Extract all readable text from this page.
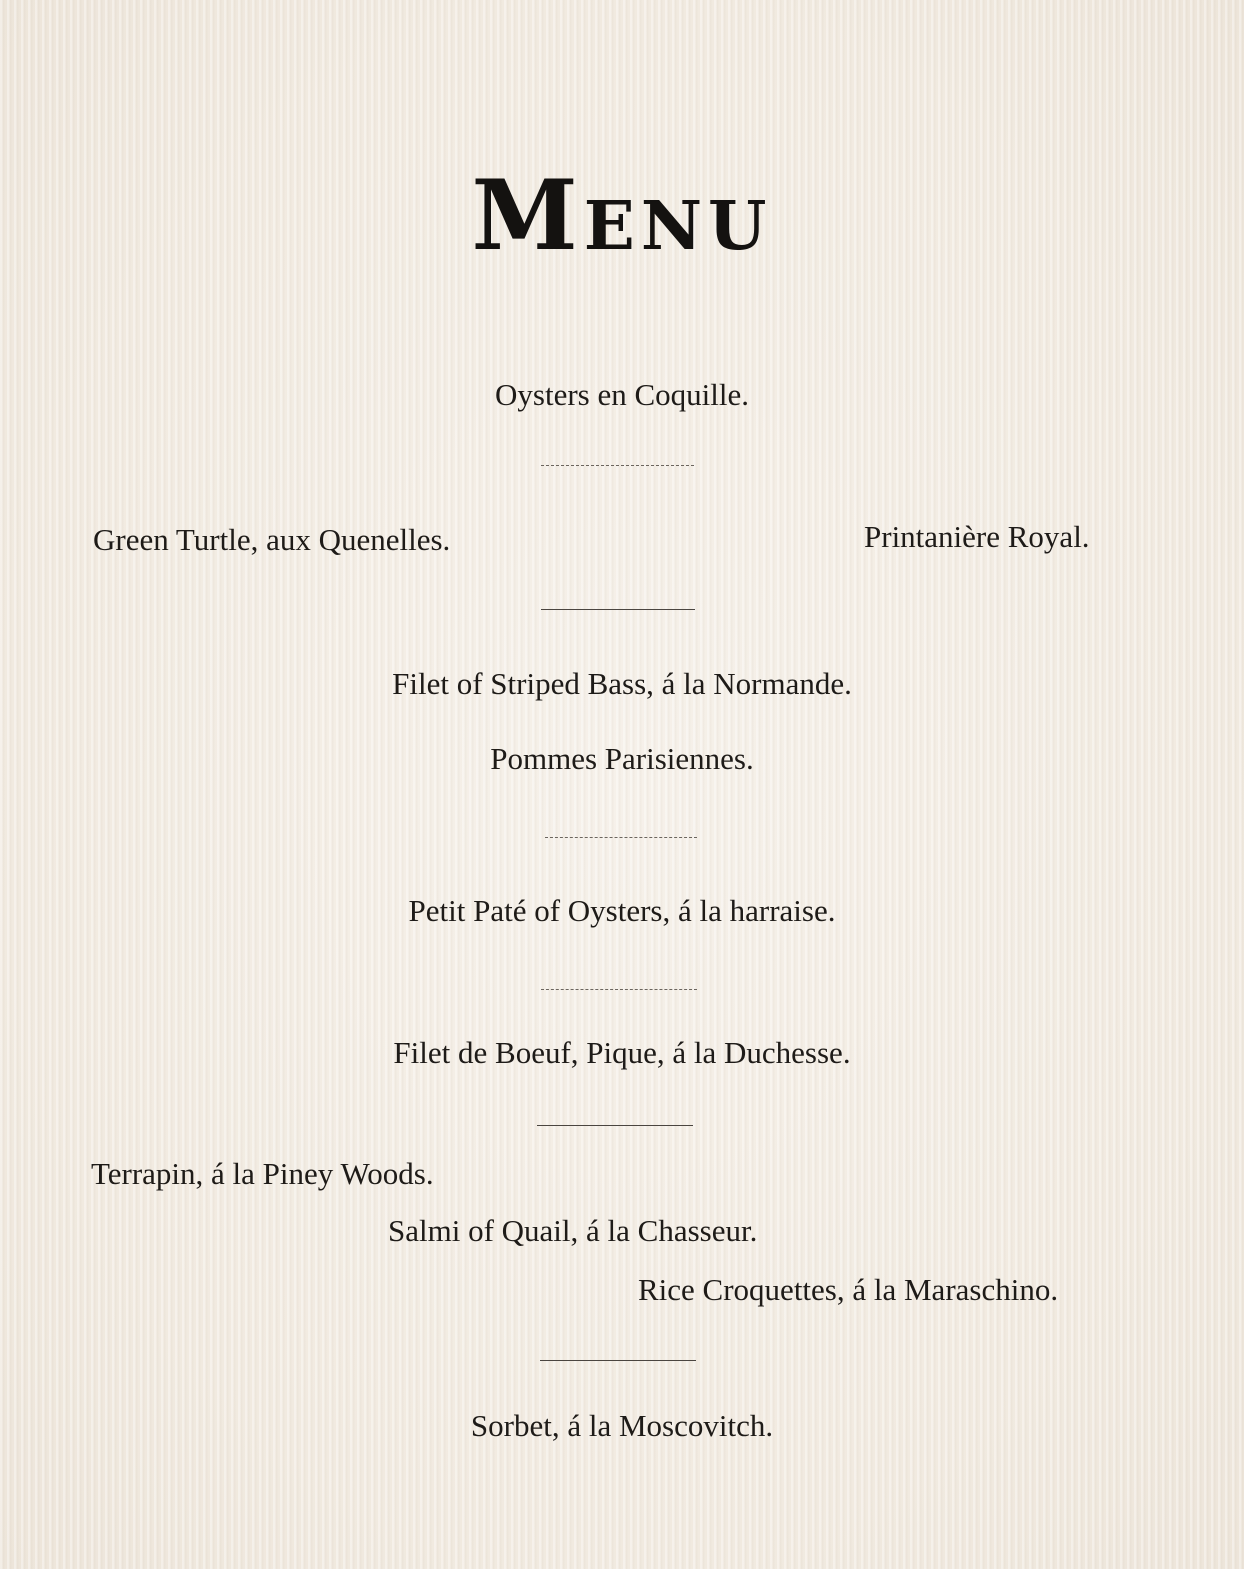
Menu
Oysters en Coquille.
Green Turtle, aux Quenelles.	Printanière Royal.
Filet of Striped Bass, á la Normande.
Pommes Parisiennes.
Petit Paté of Oysters, á la harraise.
Filet de Boeuf, Pique, á la Duchesse.
Terrapin, á la Piney Woods.
Salmi of Quail, á la Chasseur.
Rice Croquettes, á la Maraschino.
Sorbet, á la Moscovitch.
